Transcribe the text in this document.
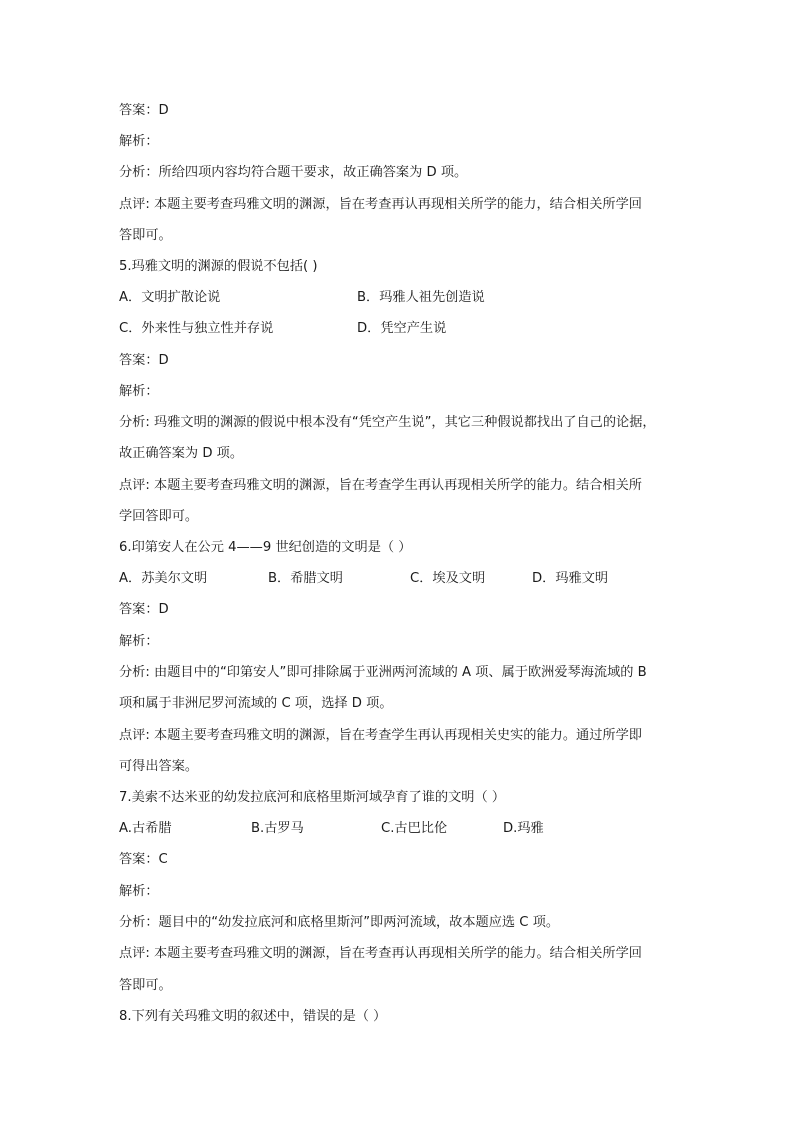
答案：D
解析：
分析：所给四项内容均符合题干要求，故正确答案为 D 项。
点评: 本题主要考查玛雅文明的渊源，旨在考查再认再现相关所学的能力，结合相关所学回
答即可。
5.玛雅文明的渊源的假说不包括( )
A．文明扩散论说	B．玛雅人祖先创造说
C．外来性与独立性并存说	D．凭空产生说
答案：D
解析：
分析: 玛雅文明的渊源的假说中根本没有“凭空产生说”，其它三种假说都找出了自己的论据，
故正确答案为 D 项。
点评: 本题主要考查玛雅文明的渊源，旨在考查学生再认再现相关所学的能力。结合相关所
学回答即可。
6.印第安人在公元 4——9 世纪创造的文明是（ ）
A．苏美尔文明	B．希腊文明	C．埃及文明	D．玛雅文明
答案：D
解析：
分析: 由题目中的“印第安人”即可排除属于亚洲两河流域的 A 项、属于欧洲爱琴海流域的 B
项和属于非洲尼罗河流域的 C 项，选择 D 项。
点评: 本题主要考查玛雅文明的渊源，旨在考查学生再认再现相关史实的能力。通过所学即
可得出答案。
7.美索不达米亚的幼发拉底河和底格里斯河域孕育了谁的文明（ ）
A.古希腊	B.古罗马	C.古巴比伦	D.玛雅
答案：C
解析：
分析：题目中的“幼发拉底河和底格里斯河”即两河流域，故本题应选 C 项。
点评: 本题主要考查玛雅文明的渊源，旨在考查再认再现相关所学的能力。结合相关所学回
答即可。
8.下列有关玛雅文明的叙述中，错误的是（ ）
